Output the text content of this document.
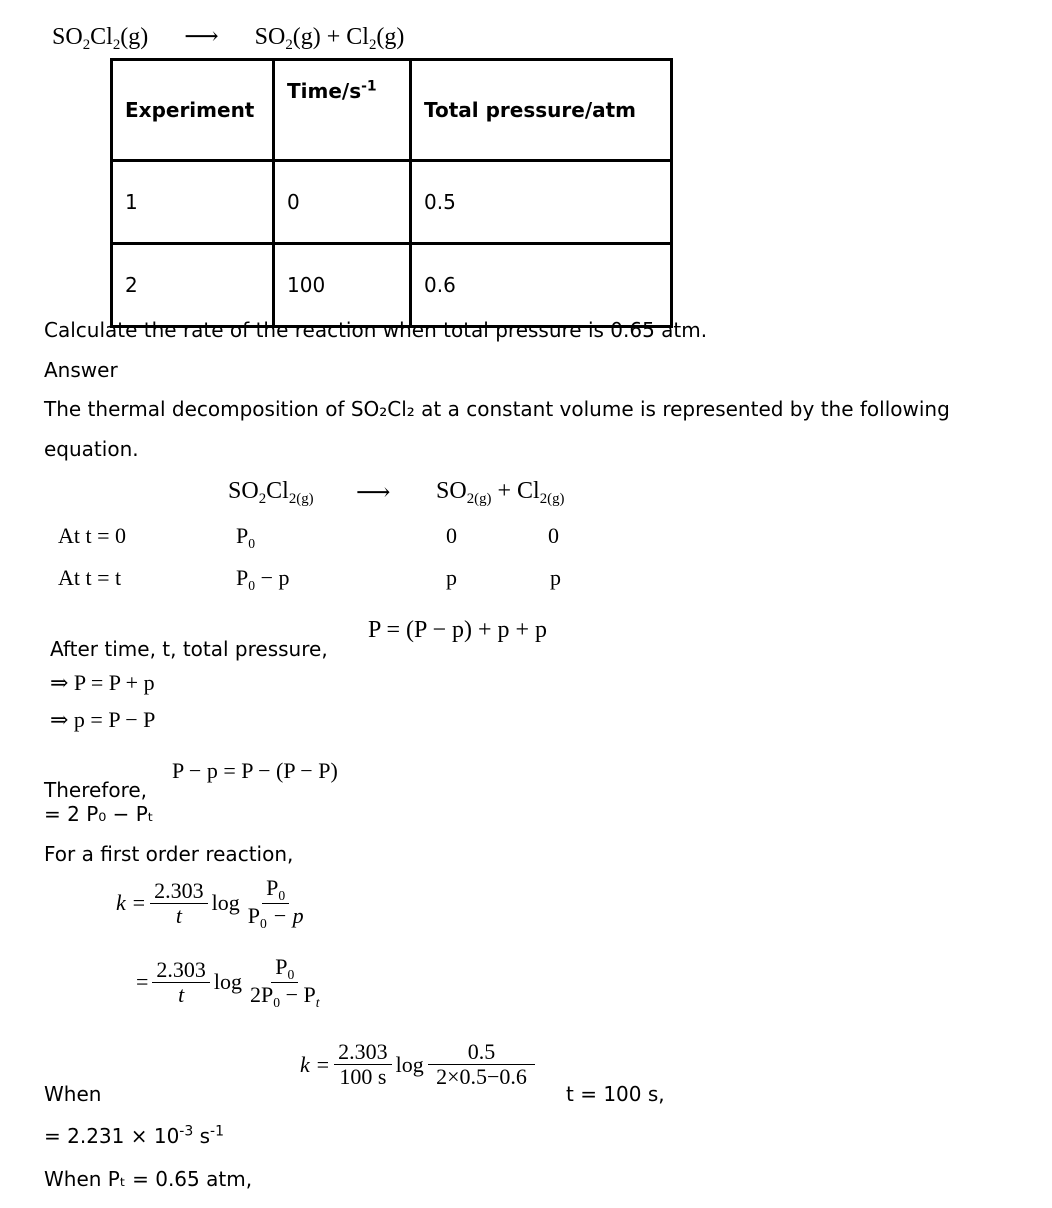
$SO_2Cl_2(g)$ ⟶ $SO_2(g) + Cl_2(g)$
Experiment	Time/$s^{-1}$	Total pressure/atm
1	0	0.5
2	100	0.6
Calculate the rate of the reaction when total pressure is 0.65 atm.
Answer
The thermal decomposition of SO₂Cl₂ at a constant volume is represented by the following
equation.
$SO_2Cl_{2(g)}$ ⟶ $SO_{2(g)} + Cl_{2(g)}$
At t = 0	$P_0$	0	0
At t = t	$P_0 - p$	p	p
P = (P − p) + p + p
After time, t, total pressure,
⇒ P = P + p
⇒ p = P − P
P − p = P − (P − P)
Therefore,
= 2 P₀ − Pₜ
For a first order reaction,
$k = \frac{2.303}{t}$ $\log \frac{P_0}{P_0 - p}$
= $\frac{2.303}{t}$ $\log \frac{P_0}{2P_0 - P_t}$
$k = \frac{2.303}{100 s}$ $\log \frac{0.5}{2\times 0.5-0.6}$
t = 100 s,
When
= $2.231 \times 10^{-3}$ $s^{-1}$
When Pₜ = 0.65 atm,
